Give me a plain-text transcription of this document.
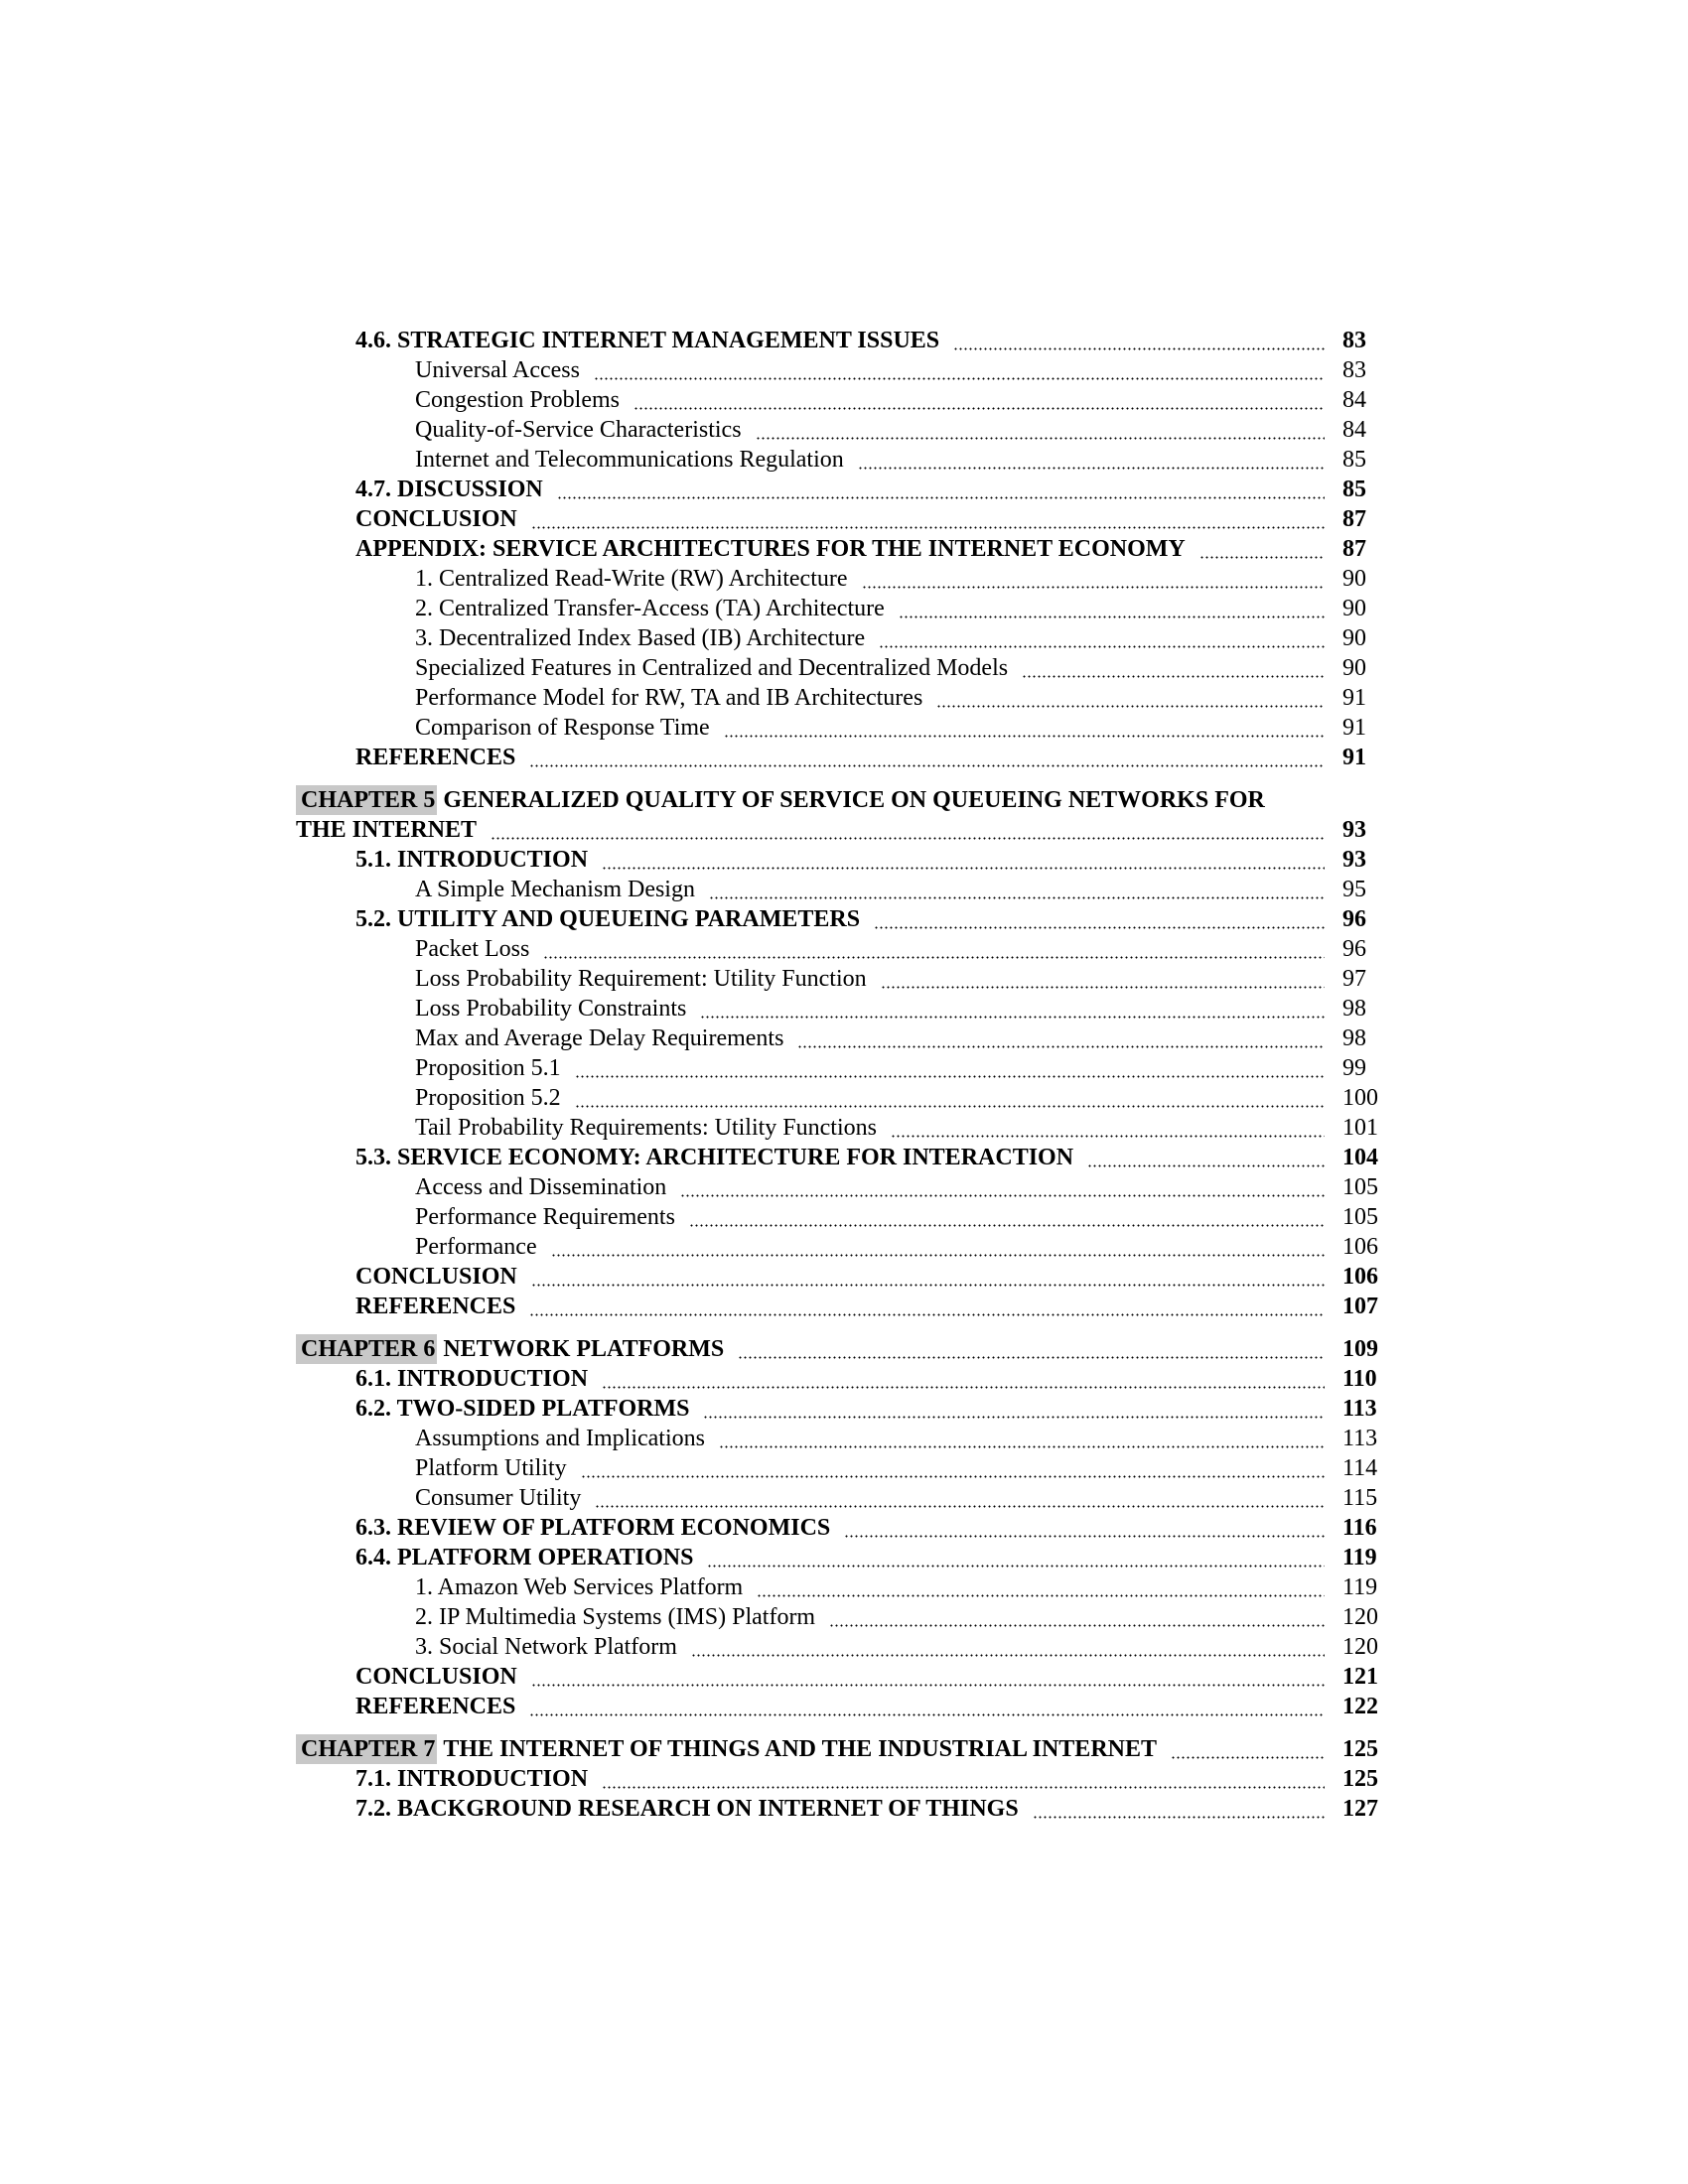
4.6. STRATEGIC INTERNET MANAGEMENT ISSUES	83
Universal Access	83
Congestion Problems	84
Quality-of-Service Characteristics	84
Internet and Telecommunications Regulation	85
4.7. DISCUSSION	85
CONCLUSION	87
APPENDIX: SERVICE ARCHITECTURES FOR THE INTERNET ECONOMY	87
1. Centralized Read-Write (RW) Architecture	90
2. Centralized Transfer-Access (TA) Architecture	90
3. Decentralized Index Based (IB) Architecture	90
Specialized Features in Centralized and Decentralized Models	90
Performance Model for RW, TA and IB Architectures	91
Comparison of Response Time	91
REFERENCES	91
CHAPTER 5 GENERALIZED QUALITY OF SERVICE ON QUEUEING NETWORKS FOR
THE INTERNET	93
5.1. INTRODUCTION	93
A Simple Mechanism Design	95
5.2. UTILITY AND QUEUEING PARAMETERS	96
Packet Loss	96
Loss Probability Requirement: Utility Function	97
Loss Probability Constraints	98
Max and Average Delay Requirements	98
Proposition 5.1	99
Proposition 5.2	100
Tail Probability Requirements: Utility Functions	101
5.3. SERVICE ECONOMY: ARCHITECTURE FOR INTERACTION	104
Access and Dissemination	105
Performance Requirements	105
Performance	106
CONCLUSION	106
REFERENCES	107
CHAPTER 6 NETWORK PLATFORMS	109
6.1. INTRODUCTION	110
6.2. TWO-SIDED PLATFORMS	113
Assumptions and Implications	113
Platform Utility	114
Consumer Utility	115
6.3. REVIEW OF PLATFORM ECONOMICS	116
6.4. PLATFORM OPERATIONS	119
1. Amazon Web Services Platform	119
2. IP Multimedia Systems (IMS) Platform	120
3. Social Network Platform	120
CONCLUSION	121
REFERENCES	122
CHAPTER 7 THE INTERNET OF THINGS AND THE INDUSTRIAL INTERNET	125
7.1. INTRODUCTION	125
7.2. BACKGROUND RESEARCH ON INTERNET OF THINGS	127
